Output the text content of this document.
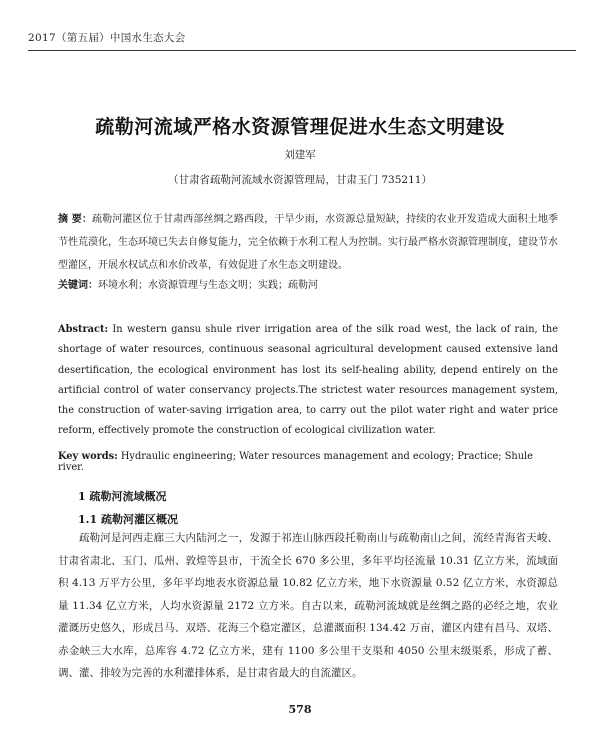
2017（第五届）中国水生态大会
疏勒河流域严格水资源管理促进水生态文明建设
刘建军
（甘肃省疏勒河流域水资源管理局，甘肃玉门 735211）
摘 要：疏勒河灌区位于甘肃西部丝绸之路西段，干旱少雨，水资源总量短缺，持续的农业开发造成大面积土地季节性荒漠化，生态环境已失去自修复能力，完全依赖于水利工程人为控制。实行最严格水资源管理制度，建设节水型灌区，开展水权试点和水价改革，有效促进了水生态文明建设。
关键词：环境水利；水资源管理与生态文明；实践；疏勒河
Abstract: In western gansu shule river irrigation area of the silk road west, the lack of rain, the shortage of water resources, continuous seasonal agricultural development caused extensive land desertification, the ecological environment has lost its self-healing ability, depend entirely on the artificial control of water conservancy projects.The strictest water resources management system, the construction of water-saving irrigation area, to carry out the pilot water right and water price reform, effectively promote the construction of ecological civilization water.
Key words: Hydraulic engineering; Water resources management and ecology; Practice; Shule river.
1 疏勒河流域概况
1.1 疏勒河灌区概况
疏勒河是河西走廊三大内陆河之一，发源于祁连山脉西段托勒南山与疏勒南山之间，流经青海省天峻、甘肃省肃北、玉门、瓜州、敦煌等县市，干流全长 670 多公里，多年平均径流量 10.31 亿立方米，流域面积 4.13 万平方公里，多年平均地表水资源总量 10.82 亿立方米，地下水资源量 0.52 亿立方米，水资源总量 11.34 亿立方米，人均水资源量 2172 立方米。自古以来，疏勒河流域就是丝绸之路的必经之地，农业灌溉历史悠久，形成吕马、双塔、花海三个稳定灌区，总灌溉面积 134.42 万亩，灌区内建有昌马、双塔、赤金峡三大水库，总库容 4.72 亿立方米，建有 1100 多公里干支渠和 4050 公里末级渠系，形成了蓄、调、灌、排较为完善的水利灌排体系，是甘肃省最大的自流灌区。
578
